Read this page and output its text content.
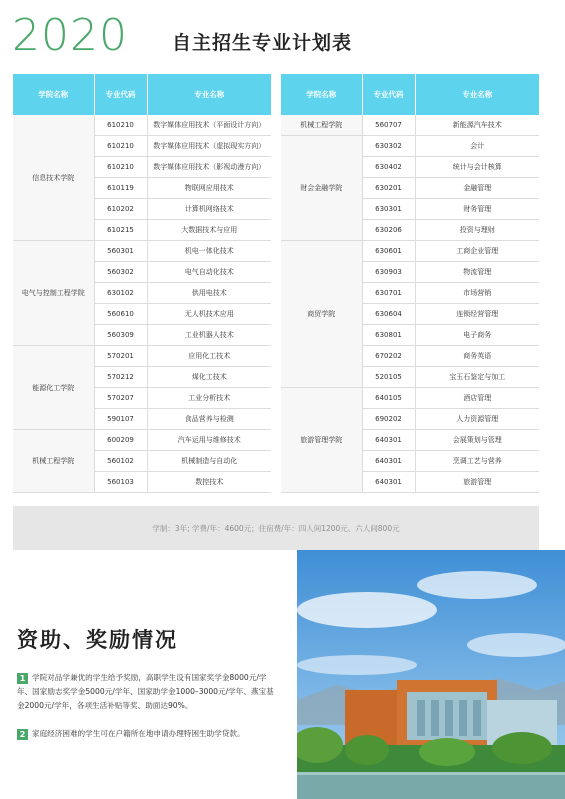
2020 自主招生专业计划表
学院名称	专业代码	专业名称
信息技术学院	610210	数字媒体应用技术（平面设计方向）
	610210	数字媒体应用技术（虚拟现实方向）
	610210	数字媒体应用技术（影视动漫方向）
	610119	物联网应用技术
	610202	计算机网络技术
	610215	大数据技术与应用
电气与控制工程学院	560301	机电一体化技术
	560302	电气自动化技术
	630102	供用电技术
	560610	无人机技术应用
	560309	工业机器人技术
能源化工学院	570201	应用化工技术
	570212	煤化工技术
	570207	工业分析技术
	590107	食品营养与检测
机械工程学院	600209	汽车运用与维修技术
	560102	机械制造与自动化
	560103	数控技术
学院名称	专业代码	专业名称
机械工程学院	560707	新能源汽车技术
财会金融学院	630302	会计
	630402	统计与会计核算
	630201	金融管理
	630301	财务管理
	630206	投资与理财
商贸学院	630601	工商企业管理
	630903	物流管理
	630701	市场营销
	630604	连锁经营管理
	630801	电子商务
	670202	商务英语
	520105	宝玉石鉴定与加工
旅游管理学院	640105	酒店管理
	690202	人力资源管理
	640301	会展策划与管理
	640301	烹调工艺与营养
	640301	旅游管理
学制：3年; 学费/年：4600元；住宿费/年：四人间1200元、六人间800元
资助、奖励情况
1 学院对品学兼优的学生给予奖励，高职学生设有国家奖学金8000元/学年、国家励志奖学金5000元/学年、国家助学金1000–3000元/学年、燕宝基金2000元/学年，各项生活补贴等奖、助面达90%。
2 家庭经济困难的学生可在户籍所在地申请办理特困生助学贷款。
